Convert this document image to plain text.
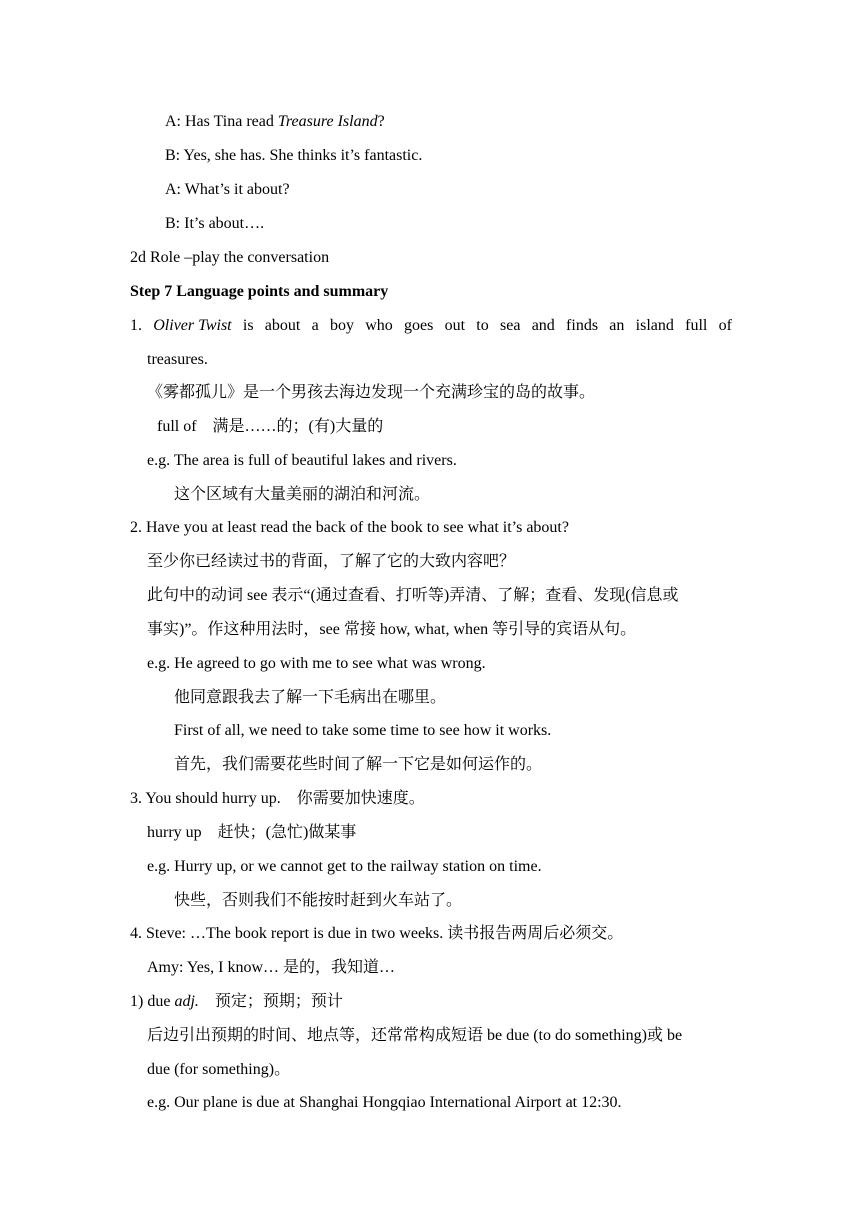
A: Has Tina read Treasure Island?
B: Yes, she has. She thinks it’s fantastic.
A: What’s it about?
B: It’s about….
2d Role –play the conversation
Step 7 Language points and summary
1. Oliver Twist is about a boy who goes out to sea and finds an island full of
treasures.
《雾都孤儿》是一个男孩去海边发现一个充满珍宝的岛的故事。
full of　满是……的；(有)大量的
e.g. The area is full of beautiful lakes and rivers.
这个区域有大量美丽的湖泊和河流。
2. Have you at least read the back of the book to see what it’s about?
至少你已经读过书的背面，了解了它的大致内容吧？
此句中的动词 see 表示“(通过查看、打听等)弄清、了解；查看、发现(信息或
事实)”。作这种用法时，see 常接 how, what, when 等引导的宾语从句。
e.g. He agreed to go with me to see what was wrong.
他同意跟我去了解一下毛病出在哪里。
First of all, we need to take some time to see how it works.
首先，我们需要花些时间了解一下它是如何运作的。
3. You should hurry up.　你需要加快速度。
hurry up　赶快；(急忙)做某事
e.g. Hurry up, or we cannot get to the railway station on time.
快些，否则我们不能按时赶到火车站了。
4. Steve: …The book report is due in two weeks. 读书报告两周后必须交。
Amy: Yes, I know… 是的，我知道…
1) due adj.　预定；预期；预计
后边引出预期的时间、地点等，还常常构成短语 be due (to do something)或 be
due (for something)。
e.g. Our plane is due at Shanghai Hongqiao International Airport at 12:30.
